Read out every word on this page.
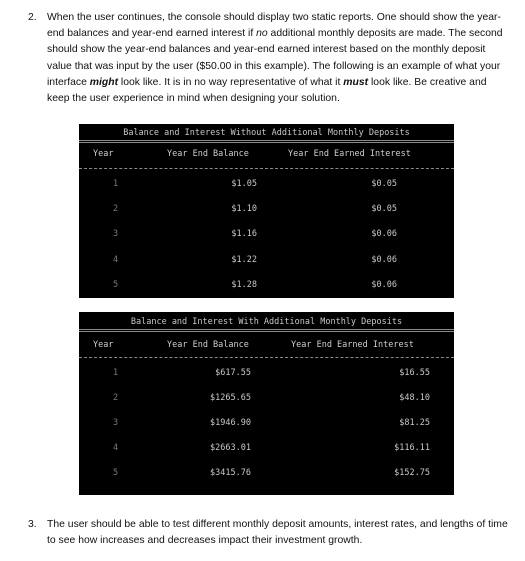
2. When the user continues, the console should display two static reports. One should show the year-end balances and year-end earned interest if no additional monthly deposits are made. The second should show the year-end balances and year-end earned interest based on the monthly deposit value that was input by the user ($50.00 in this example). The following is an example of what your interface might look like. It is in no way representative of what it must look like. Be creative and keep the user experience in mind when designing your solution.
Balance and Interest Without Additional Monthly Deposits
Year	Year End Balance	Year End Earned Interest
1	$1.05	$0.05
2	$1.10	$0.05
3	$1.16	$0.06
4	$1.22	$0.06
5	$1.28	$0.06
Balance and Interest With Additional Monthly Deposits
Year	Year End Balance	Year End Earned Interest
1	$617.55	$16.55
2	$1265.65	$48.10
3	$1946.90	$81.25
4	$2663.01	$116.11
5	$3415.76	$152.75
3. The user should be able to test different monthly deposit amounts, interest rates, and lengths of time to see how increases and decreases impact their investment growth.
